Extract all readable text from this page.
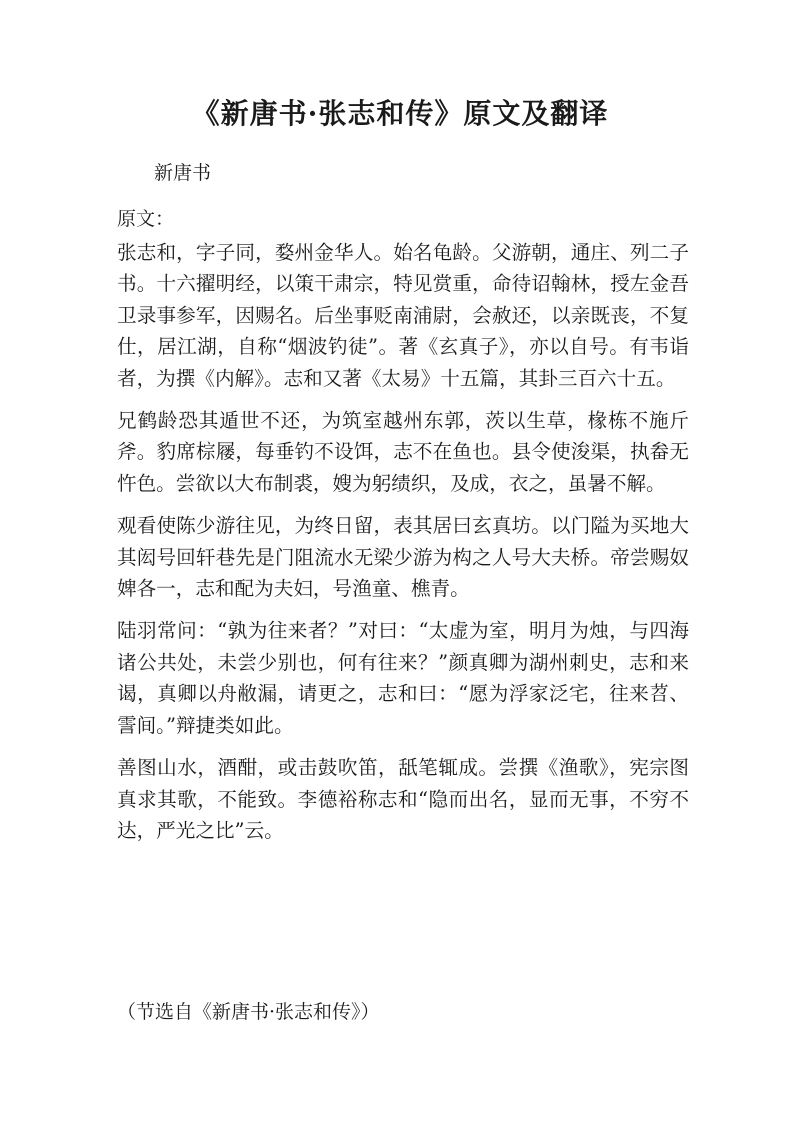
《新唐书·张志和传》原文及翻译
新唐书
原文：

张志和，字子同，婺州金华人。始名龟龄。父游朝，通庄、列二子书。十六擢明经，以策干肃宗，特见赏重，命待诏翰林，授左金吾卫录事参军，因赐名。后坐事贬南浦尉，会赦还，以亲既丧，不复仕，居江湖，自称“烟波钓徒”。著《玄真子》，亦以自号。有韦诣者，为撰《内解》。志和又著《太易》十五篇，其卦三百六十五。

兄鹤龄恐其遁世不还，为筑室越州东郭，茨以生草，椽栋不施斤斧。豹席棕屦，每垂钓不设饵，志不在鱼也。县令使浚渠，执畚无忤色。尝欲以大布制裘，嫂为躬绩织，及成，衣之，虽暑不解。

观看使陈少游往见，为终日留，表其居曰玄真坊。以门隘为买地大其闳号回轩巷先是门阻流水无梁少游为构之人号大夫桥。帝尝赐奴婢各一，志和配为夫妇，号渔童、樵青。

陆羽常问：“孰为往来者？”对曰：“太虚为室，明月为烛，与四海诸公共处，未尝少别也，何有往来？”颜真卿为湖州刺史，志和来谒，真卿以舟敝漏，请更之，志和曰：“愿为浮家泛宅，往来苕、霅间。”辩捷类如此。

善图山水，酒酣，或击鼓吹笛，舐笔辄成。尝撰《渔歌》，宪宗图真求其歌，不能致。李德裕称志和“隐而出名，显而无事，不穷不达，严光之比”云。

（节选自《新唐书·张志和传》）
